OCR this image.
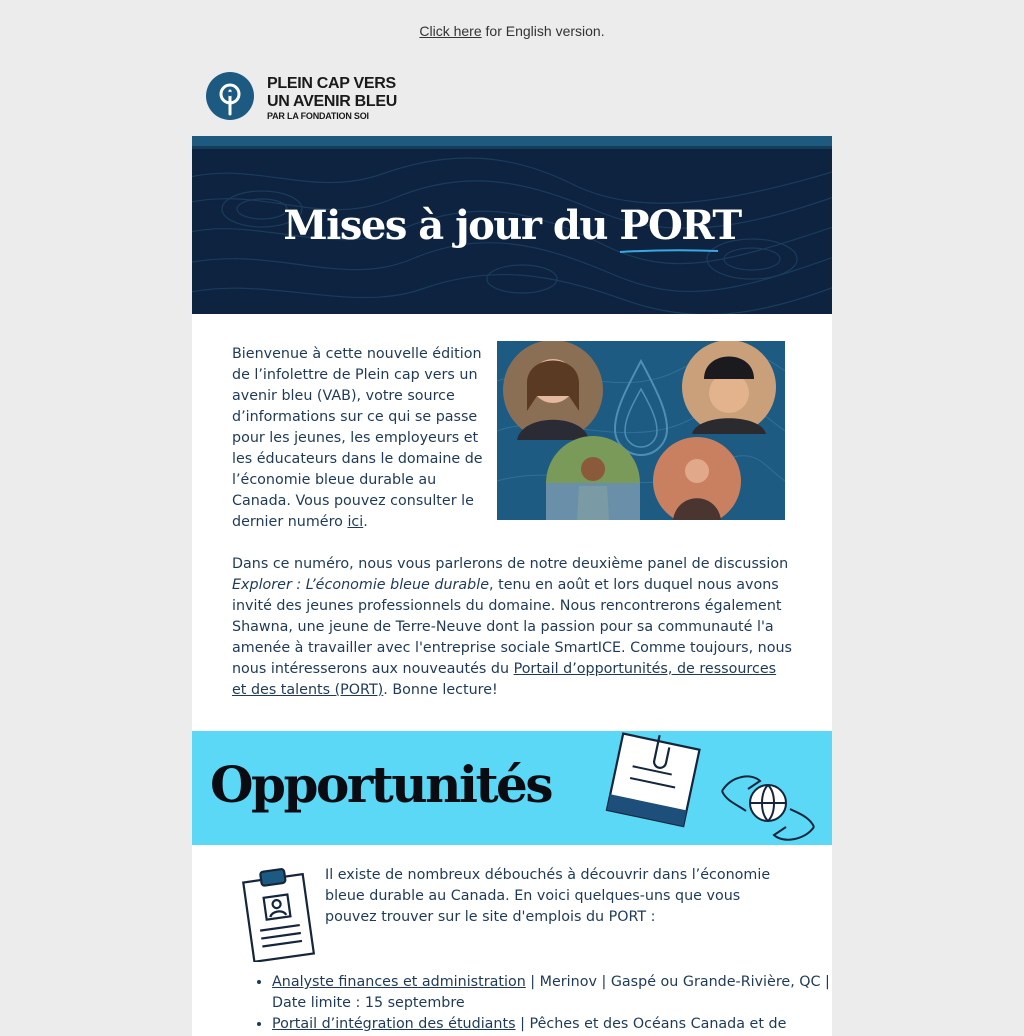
Click here for English version.
PLEIN CAP VERS
UN AVENIR BLEU
PAR LA FONDATION SOI
Mises à jour du PORT
Bienvenue à cette nouvelle édition de l’infolettre de Plein cap vers un avenir bleu (VAB), votre source d’informations sur ce qui se passe pour les jeunes, les employeurs et les éducateurs dans le domaine de l’économie bleue durable au Canada. Vous pouvez consulter le dernier numéro ici.
Dans ce numéro, nous vous parlerons de notre deuxième panel de discussion Explorer : L’économie bleue durable, tenu en août et lors duquel nous avons invité des jeunes professionnels du domaine. Nous rencontrerons également Shawna, une jeune de Terre-Neuve dont la passion pour sa communauté l'a amenée à travailler avec l'entreprise sociale SmartICE. Comme toujours, nous nous intéresserons aux nouveautés du Portail d’opportunités, de ressources et des talents (PORT). Bonne lecture!
Opportunités
Il existe de nombreux débouchés à découvrir dans l’économie bleue durable au Canada. En voici quelques-uns que vous pouvez trouver sur le site d'emplois du PORT :
• Analyste finances et administration | Merinov | Gaspé ou Grande-Rivière, QC | Date limite : 15 septembre
• Portail d’intégration des étudiants | Pêches et des Océans Canada et de
